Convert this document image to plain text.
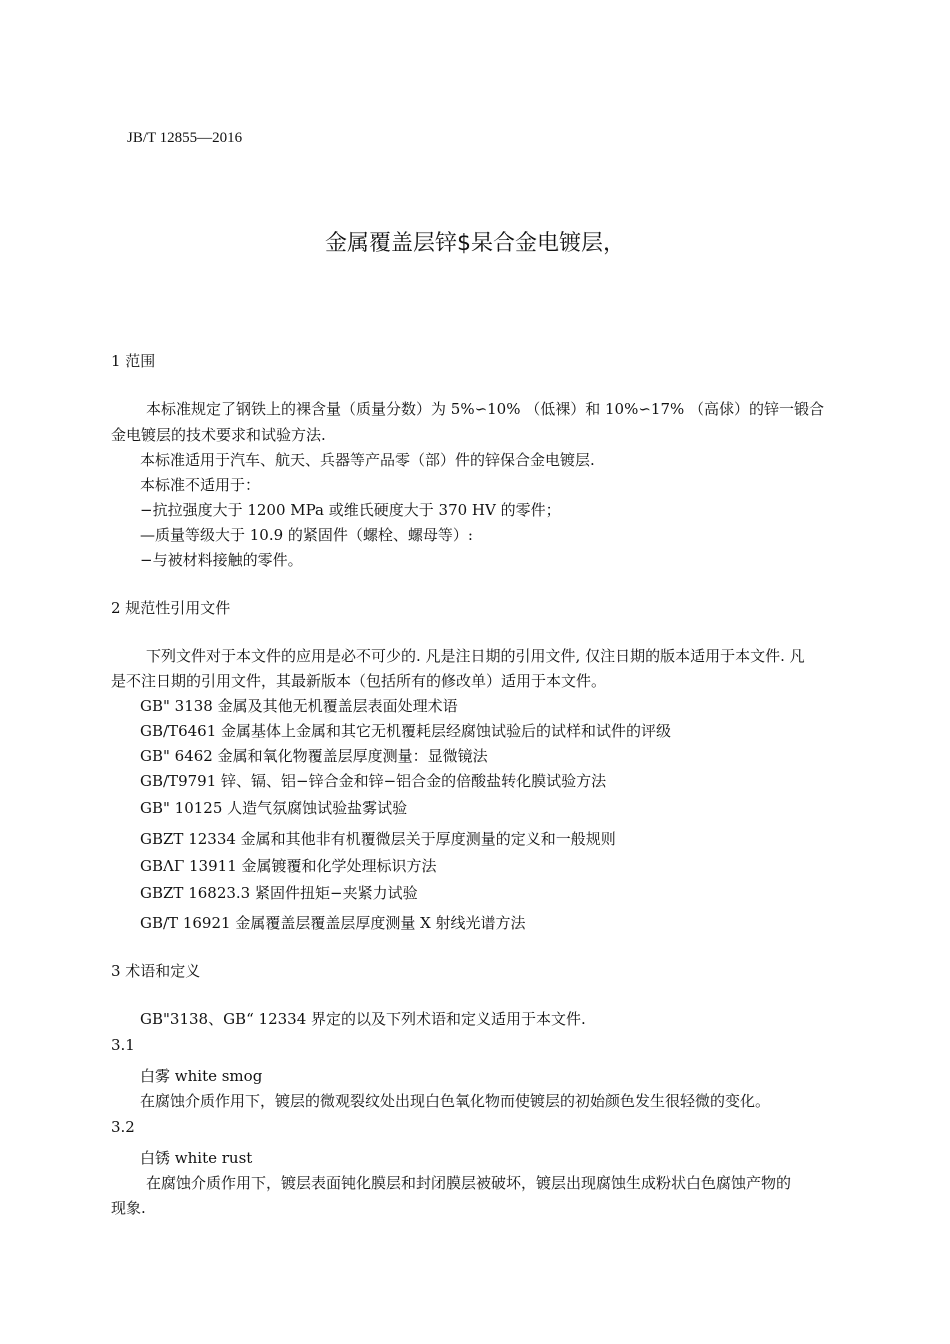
JB/T 12855—2016
金属覆盖层锌$杲合金电镀层，
1 范围
本标准规定了钢铁上的裸含量（质量分数）为 5%∽10% （低裸）和 10%∽17% （高俅）的锌一锻合
金电镀层的技术要求和试验方法.
本标准适用于汽车、航天、兵器等产品零（部）件的锌保合金电镀层.
本标准不适用于：
−抗拉强度大于 1200 MPa 或维氏硬度大于 370 HV 的零件；
—质量等级大于 10.9 的紧固件（螺栓、螺母等）:
−与被材料接触的零件。
2 规范性引用文件
下列文件对于本文件的应用是必不可少的. 凡是注日期的引用文件, 仅注日期的版本适用于本文件. 凡
是不注日期的引用文件，其最新版本（包括所有的修改单）适用于本文件。
GB" 3138 金属及其他无机覆盖层表面处理术语
GB/T6461 金属基体上金属和其它无机覆耗层经腐蚀试验后的试样和试件的评级
GB" 6462 金属和氧化物覆盖层厚度测量：显微镜法
GB/T9791 锌、镉、铝−锌合金和锌−铝合金的倍酸盐转化膜试验方法
GB" 10125 人造气氛腐蚀试验盐雾试验
GBZT 12334 金属和其他非有机覆微层关于厚度测量的定义和一般规则
GBΛΓ 13911 金属镀覆和化学处理标识方法
GBZT 16823.3 紧固件扭矩−夹紧力试验
GB/T 16921 金属覆盖层覆盖层厚度测量 X 射线光谱方法
3 术语和定义
GB"3138、GB“ 12334 界定的以及下列术语和定义适用于本文件.
3.1
白雾 white smog
在腐蚀介质作用下，镀层的微观裂纹处出现白色氧化物而使镀层的初始颜色发生很轻微的变化。
3.2
白锈 white rust
在腐蚀介质作用下，镀层表面钝化膜层和封闭膜层被破坏，镀层出现腐蚀生成粉状白色腐蚀产物的
现象.
